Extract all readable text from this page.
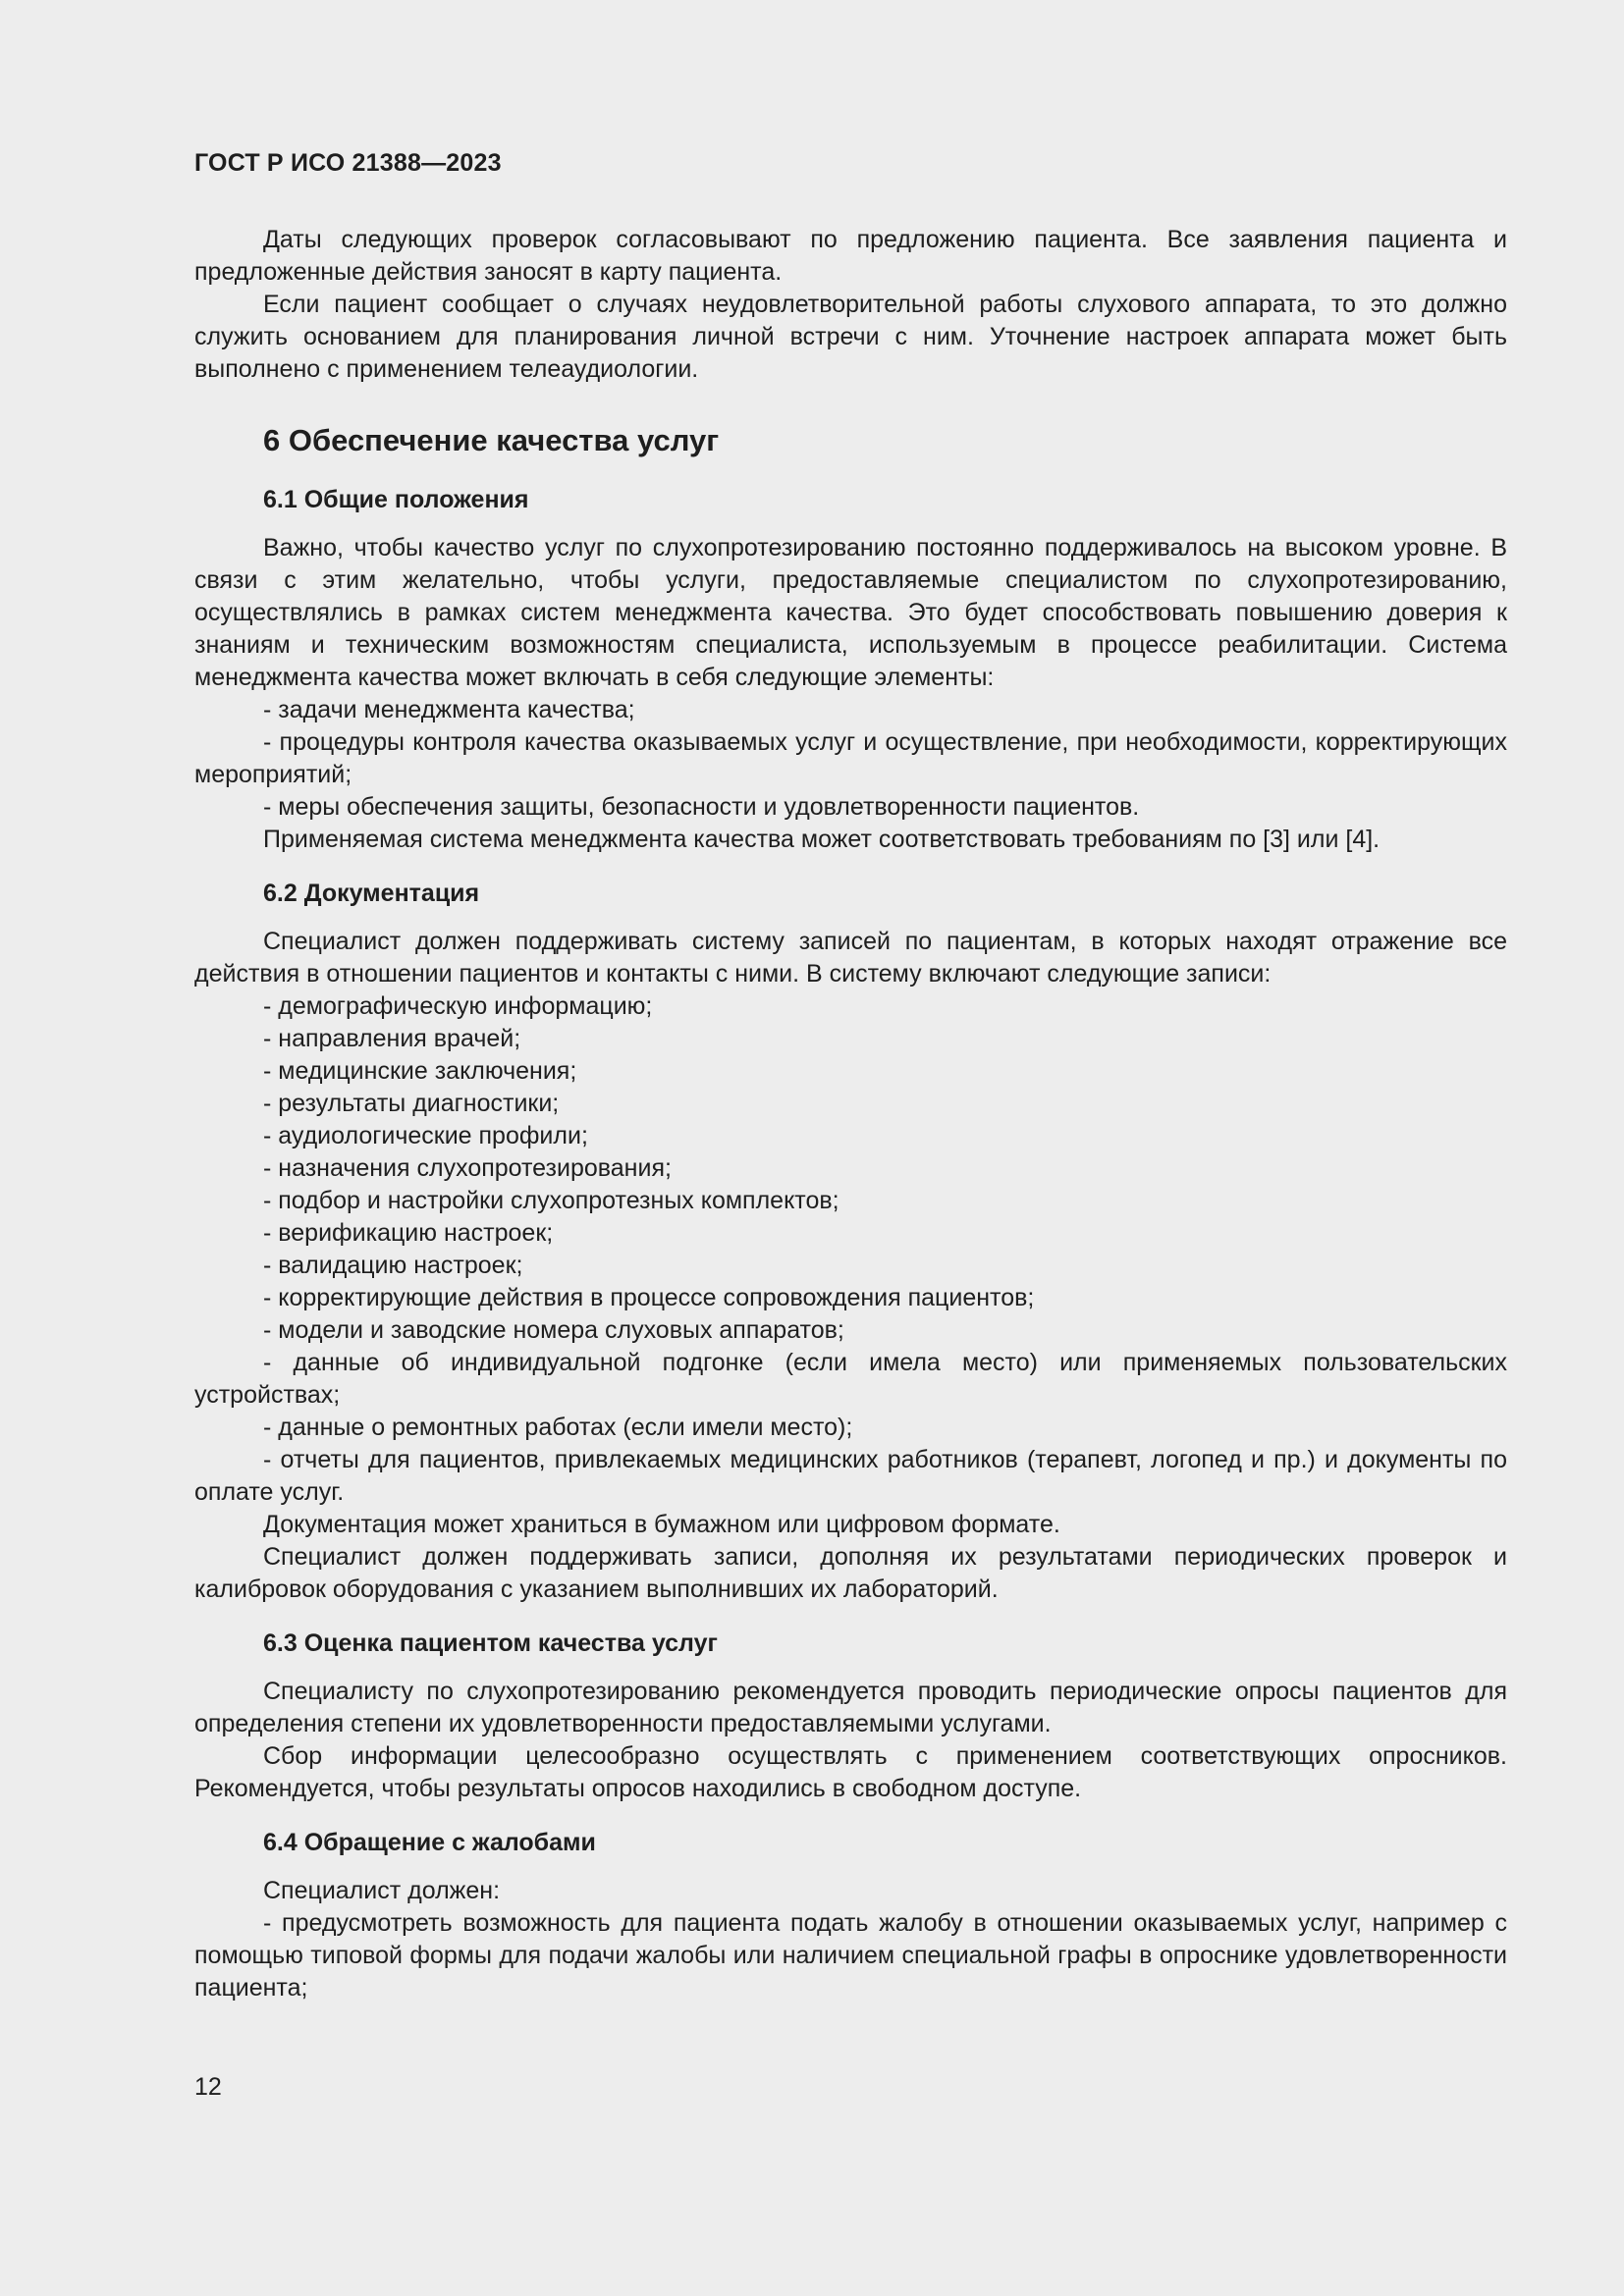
ГОСТ Р ИСО 21388—2023

Даты следующих проверок согласовывают по предложению пациента. Все заявления пациента и предложенные действия заносят в карту пациента.

Если пациент сообщает о случаях неудовлетворительной работы слухового аппарата, то это должно служить основанием для планирования личной встречи с ним. Уточнение настроек аппарата может быть выполнено с применением телеаудиологии.

6 Обеспечение качества услуг
6.1 Общие положения

Важно, чтобы качество услуг по слухопротезированию постоянно поддерживалось на высоком уровне. В связи с этим желательно, чтобы услуги, предоставляемые специалистом по слухопротезированию, осуществлялись в рамках систем менеджмента качества. Это будет способствовать повышению доверия к знаниям и техническим возможностям специалиста, используемым в процессе реабилитации. Система менеджмента качества может включать в себя следующие элементы:

- задачи менеджмента качества;

- процедуры контроля качества оказываемых услуг и осуществление, при необходимости, корректирующих мероприятий;

- меры обеспечения защиты, безопасности и удовлетворенности пациентов.

Применяемая система менеджмента качества может соответствовать требованиям по [3] или [4].

6.2 Документация

Специалист должен поддерживать систему записей по пациентам, в которых находят отражение все действия в отношении пациентов и контакты с ними. В систему включают следующие записи:

- демографическую информацию;

- направления врачей;

- медицинские заключения;

- результаты диагностики;

- аудиологические профили;

- назначения слухопротезирования;

- подбор и настройки слухопротезных комплектов;

- верификацию настроек;

- валидацию настроек;

- корректирующие действия в процессе сопровождения пациентов;

- модели и заводские номера слуховых аппаратов;

- данные об индивидуальной подгонке (если имела место) или применяемых пользовательских устройствах;

- данные о ремонтных работах (если имели место);

- отчеты для пациентов, привлекаемых медицинских работников (терапевт, логопед и пр.) и документы по оплате услуг.

Документация может храниться в бумажном или цифровом формате.

Специалист должен поддерживать записи, дополняя их результатами периодических проверок и калибровок оборудования с указанием выполнивших их лабораторий.

6.3 Оценка пациентом качества услуг

Специалисту по слухопротезированию рекомендуется проводить периодические опросы пациентов для определения степени их удовлетворенности предоставляемыми услугами.

Сбор информации целесообразно осуществлять с применением соответствующих опросников. Рекомендуется, чтобы результаты опросов находились в свободном доступе.

6.4 Обращение с жалобами

Специалист должен:

- предусмотреть возможность для пациента подать жалобу в отношении оказываемых услуг, например с помощью типовой формы для подачи жалобы или наличием специальной графы в опроснике удовлетворенности пациента;

12
